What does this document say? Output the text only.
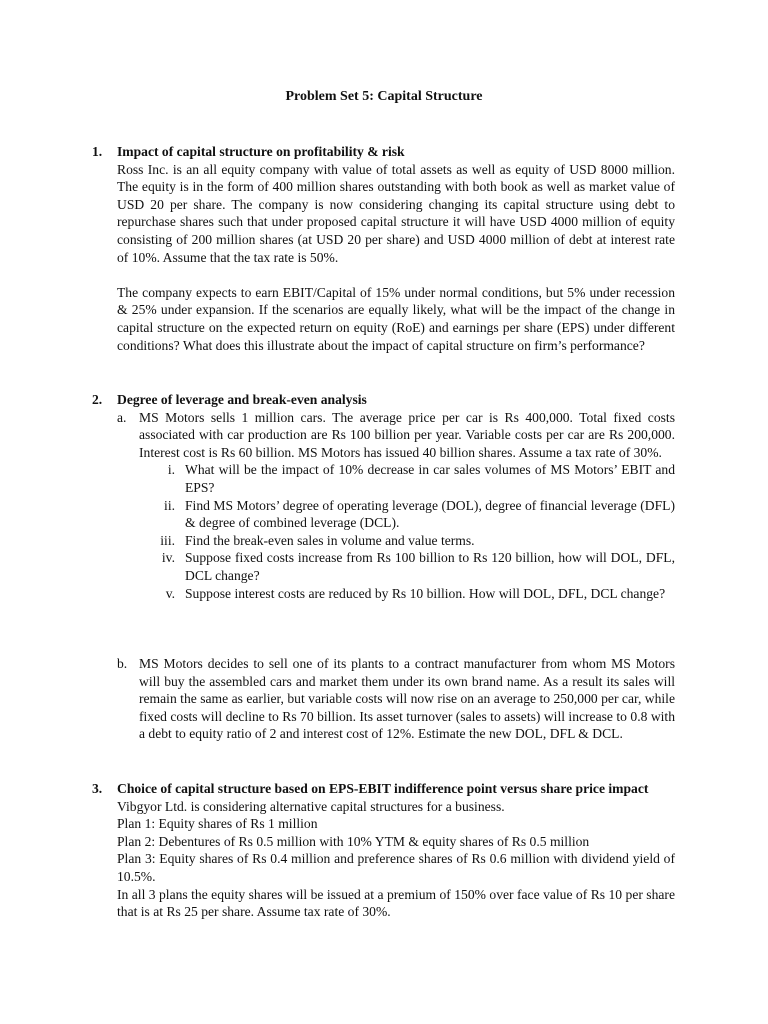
Problem Set 5: Capital Structure
1. Impact of capital structure on profitability & risk

Ross Inc. is an all equity company with value of total assets as well as equity of USD 8000 million. The equity is in the form of 400 million shares outstanding with both book as well as market value of USD 20 per share. The company is now considering changing its capital structure using debt to repurchase shares such that under proposed capital structure it will have USD 4000 million of equity consisting of 200 million shares (at USD 20 per share) and USD 4000 million of debt at interest rate of 10%. Assume that the tax rate is 50%.

The company expects to earn EBIT/Capital of 15% under normal conditions, but 5% under recession & 25% under expansion. If the scenarios are equally likely, what will be the impact of the change in capital structure on the expected return on equity (RoE) and earnings per share (EPS) under different conditions? What does this illustrate about the impact of capital structure on firm’s performance?

2. Degree of leverage and break-even analysis
a. MS Motors sells 1 million cars. The average price per car is Rs 400,000. Total fixed costs associated with car production are Rs 100 billion per year. Variable costs per car are Rs 200,000. Interest cost is Rs 60 billion. MS Motors has issued 40 billion shares. Assume a tax rate of 30%.

i. What will be the impact of 10% decrease in car sales volumes of MS Motors’ EBIT and EPS?

ii. Find MS Motors’ degree of operating leverage (DOL), degree of financial leverage (DFL) & degree of combined leverage (DCL).

iii. Find the break-even sales in volume and value terms.

iv. Suppose fixed costs increase from Rs 100 billion to Rs 120 billion, how will DOL, DFL, DCL change?

v. Suppose interest costs are reduced by Rs 10 billion. How will DOL, DFL, DCL change?

b. MS Motors decides to sell one of its plants to a contract manufacturer from whom MS Motors will buy the assembled cars and market them under its own brand name. As a result its sales will remain the same as earlier, but variable costs will now rise on an average to 250,000 per car, while fixed costs will decline to Rs 70 billion. Its asset turnover (sales to assets) will increase to 0.8 with a debt to equity ratio of 2 and interest cost of 12%. Estimate the new DOL, DFL & DCL.

3. Choice of capital structure based on EPS-EBIT indifference point versus share price impact

Vibgyor Ltd. is considering alternative capital structures for a business.

Plan 1: Equity shares of Rs 1 million

Plan 2: Debentures of Rs 0.5 million with 10% YTM & equity shares of Rs 0.5 million

Plan 3: Equity shares of Rs 0.4 million and preference shares of Rs 0.6 million with dividend yield of 10.5%.

In all 3 plans the equity shares will be issued at a premium of 150% over face value of Rs 10 per share that is at Rs 25 per share. Assume tax rate of 30%.
